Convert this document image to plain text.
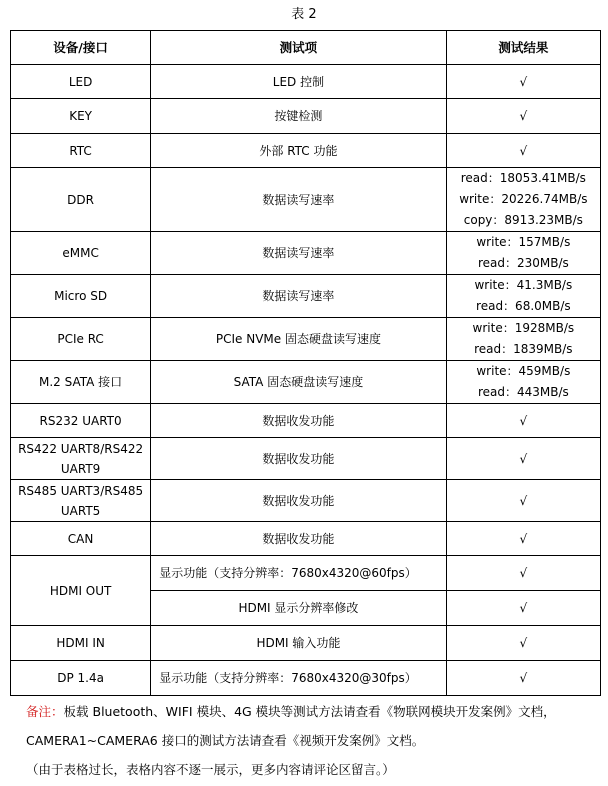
表 2
设备/接口	测试项	测试结果
LED	LED 控制	√

KEY	按键检测	√

RTC	外部 RTC 功能	√

DDR	数据读写速率	read：18053.41MB/s
write：20226.74MB/s
copy：8913.23MB/s

eMMC	数据读写速率	write：157MB/s
read：230MB/s

Micro SD	数据读写速率	write：41.3MB/s
read：68.0MB/s

PCIe RC	PCIe NVMe 固态硬盘读写速度	write：1928MB/s
read：1839MB/s

M.2 SATA 接口	SATA 固态硬盘读写速度	write：459MB/s
read：443MB/s

RS232 UART0	数据收发功能	√

RS422 UART8/RS422 UART9	数据收发功能	√

RS485 UART3/RS485 UART5	数据收发功能	√

CAN	数据收发功能	√

HDMI OUT	显示功能（支持分辨率：7680x4320@60fps）	√
	HDMI 显示分辨率修改	√
HDMI IN	HDMI 输入功能	√
DP 1.4a	显示功能（支持分辨率：7680x4320@30fps）	√

备注：板载 Bluetooth、WIFI 模块、4G 模块等测试方法请查看《物联网模块开发案例》文档，

CAMERA1~CAMERA6 接口的测试方法请查看《视频开发案例》文档。

（由于表格过长，表格内容不逐一展示，更多内容请评论区留言。）
